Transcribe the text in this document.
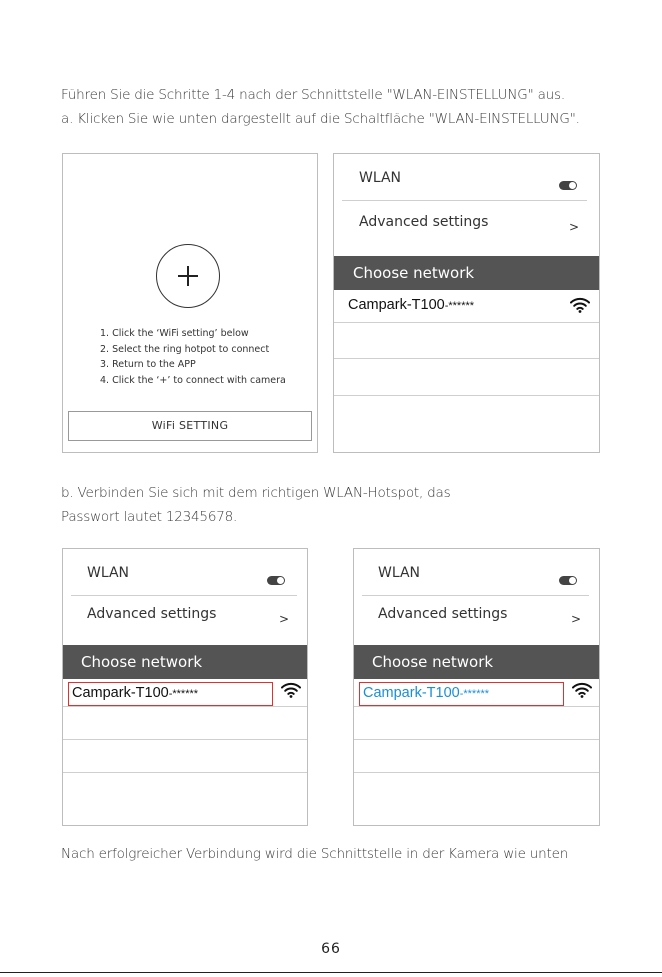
Führen Sie die Schritte 1-4 nach der Schnittstelle "WLAN-EINSTELLUNG" aus.
a. Klicken Sie wie unten dargestellt auf die Schaltfläche "WLAN-EINSTELLUNG".
1. Click the ‘WiFi setting’ below
2. Select the ring hotpot to connect
3. Return to the APP
4. Click the ‘+’ to connect with camera
WiFi SETTING
WLAN
Advanced settings	>
Choose network
Campark-T100-******
b. Verbinden Sie sich mit dem richtigen WLAN-Hotspot, das
Passwort lautet 12345678.
WLAN
Advanced settings	>
Choose network
Campark-T100-******
WLAN
Advanced settings	>
Choose network
Campark-T100-******
Nach erfolgreicher Verbindung wird die Schnittstelle in der Kamera wie unten
66
